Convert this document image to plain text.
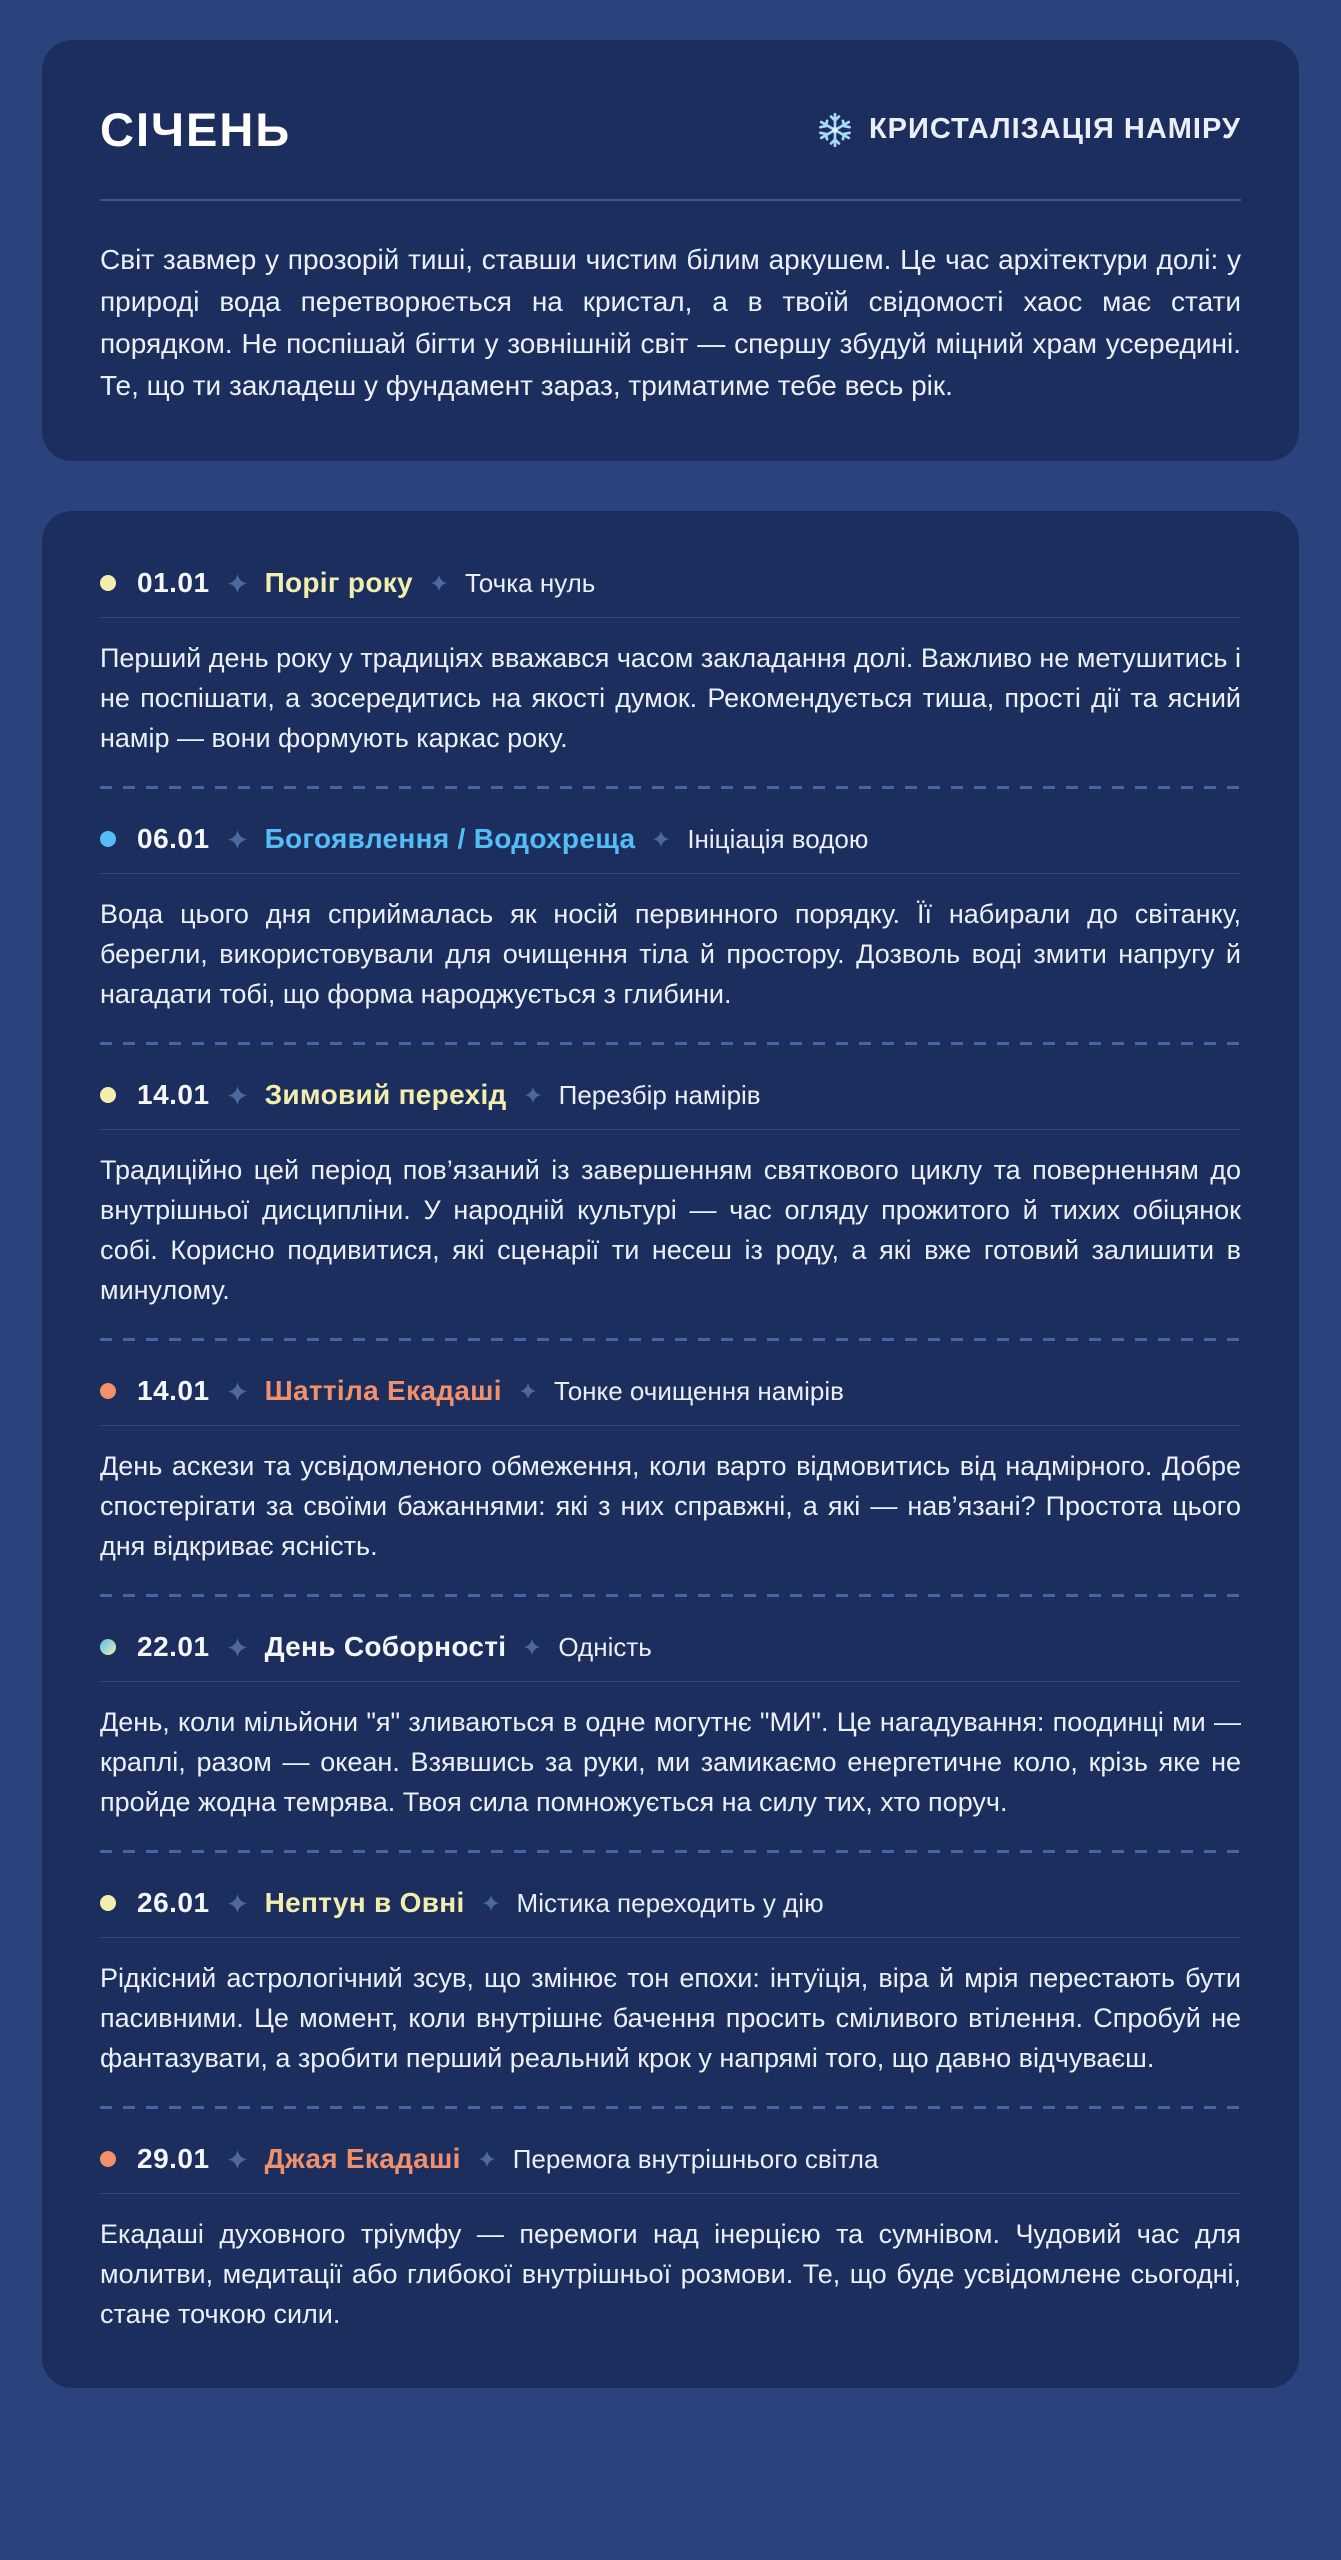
СІЧЕНЬ	КРИСТАЛІЗАЦІЯ НАМІРУ

Світ завмер у прозорій тиші, ставши чистим білим аркушем. Це час архітектури долі: у природі вода перетворюється на кристал, а в твоїй свідомості хаос має стати порядком. Не поспішай бігти у зовнішній світ — спершу збудуй міцний храм усередині. Те, що ти закладеш у фундамент зараз, триматиме тебе весь рік.

01.01 Поріг року Точка нуль

Перший день року у традиціях вважався часом закладання долі. Важливо не метушитись і не поспішати, а зосередитись на якості думок. Рекомендується тиша, прості дії та ясний намір — вони формують каркас року.

06.01 Богоявлення / Водохреща Ініціація водою

Вода цього дня сприймалась як носій первинного порядку. Її набирали до світанку, берегли, використовували для очищення тіла й простору. Дозволь воді змити напругу й нагадати тобі, що форма народжується з глибини.

14.01 Зимовий перехід Перезбір намірів

Традиційно цей період пов’язаний із завершенням святкового циклу та поверненням до внутрішньої дисципліни. У народній культурі — час огляду прожитого й тихих обіцянок собі. Корисно подивитися, які сценарії ти несеш із роду, а які вже готовий залишити в минулому.

14.01 Шаттіла Екадаші Тонке очищення намірів

День аскези та усвідомленого обмеження, коли варто відмовитись від надмірного. Добре спостерігати за своїми бажаннями: які з них справжні, а які — нав’язані? Простота цього дня відкриває ясність.

22.01 День Соборності Одність

День, коли мільйони "я" зливаються в одне могутнє "МИ". Це нагадування: поодинці ми — краплі, разом — океан. Взявшись за руки, ми замикаємо енергетичне коло, крізь яке не пройде жодна темрява. Твоя сила помножується на силу тих, хто поруч.

26.01 Нептун в Овні Містика переходить у дію

Рідкісний астрологічний зсув, що змінює тон епохи: інтуїція, віра й мрія перестають бути пасивними. Це момент, коли внутрішнє бачення просить сміливого втілення. Спробуй не фантазувати, а зробити перший реальний крок у напрямі того, що давно відчуваєш.

29.01 Джая Екадаші Перемога внутрішнього світла

Екадаші духовного тріумфу — перемоги над інерцією та сумнівом. Чудовий час для молитви, медитації або глибокої внутрішньої розмови. Те, що буде усвідомлене сьогодні, стане точкою сили.
